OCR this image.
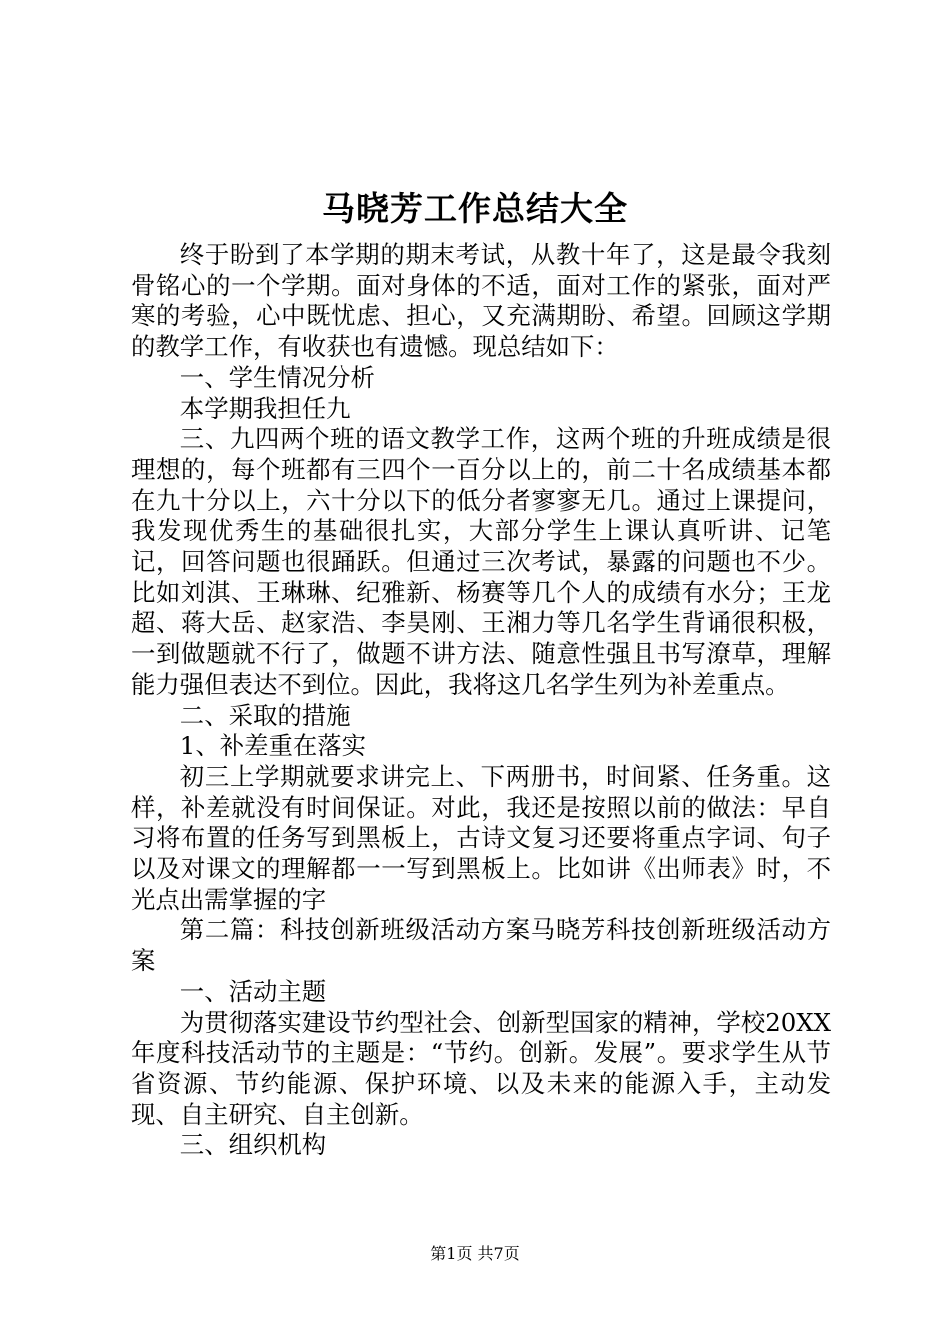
马晓芳工作总结大全

终于盼到了本学期的期末考试，从教十年了，这是最令我刻骨铭心的一个学期。面对身体的不适，面对工作的紧张，面对严寒的考验，心中既忧虑、担心，又充满期盼、希望。回顾这学期的教学工作，有收获也有遗憾。现总结如下：

一、学生情况分析

本学期我担任九

三、九四两个班的语文教学工作，这两个班的升班成绩是很理想的，每个班都有三四个一百分以上的，前二十名成绩基本都在九十分以上，六十分以下的低分者寥寥无几。通过上课提问，我发现优秀生的基础很扎实，大部分学生上课认真听讲、记笔记，回答问题也很踊跃。但通过三次考试，暴露的问题也不少。比如刘淇、王琳琳、纪雅新、杨赛等几个人的成绩有水分；王龙超、蒋大岳、赵家浩、李昊刚、王湘力等几名学生背诵很积极，一到做题就不行了，做题不讲方法、随意性强且书写潦草，理解能力强但表达不到位。因此，我将这几名学生列为补差重点。

二、采取的措施

1、补差重在落实

初三上学期就要求讲完上、下两册书，时间紧、任务重。这样，补差就没有时间保证。对此，我还是按照以前的做法：早自习将布置的任务写到黑板上，古诗文复习还要将重点字词、句子以及对课文的理解都一一写到黑板上。比如讲《出师表》时，不光点出需掌握的字

第二篇：科技创新班级活动方案马晓芳科技创新班级活动方案

一、活动主题

为贯彻落实建设节约型社会、创新型国家的精神，学校20XX年度科技活动节的主题是：“节约。创新。发展”。要求学生从节省资源、节约能源、保护环境、以及未来的能源入手，主动发现、自主研究、自主创新。

三、组织机构

第1页 共7页
